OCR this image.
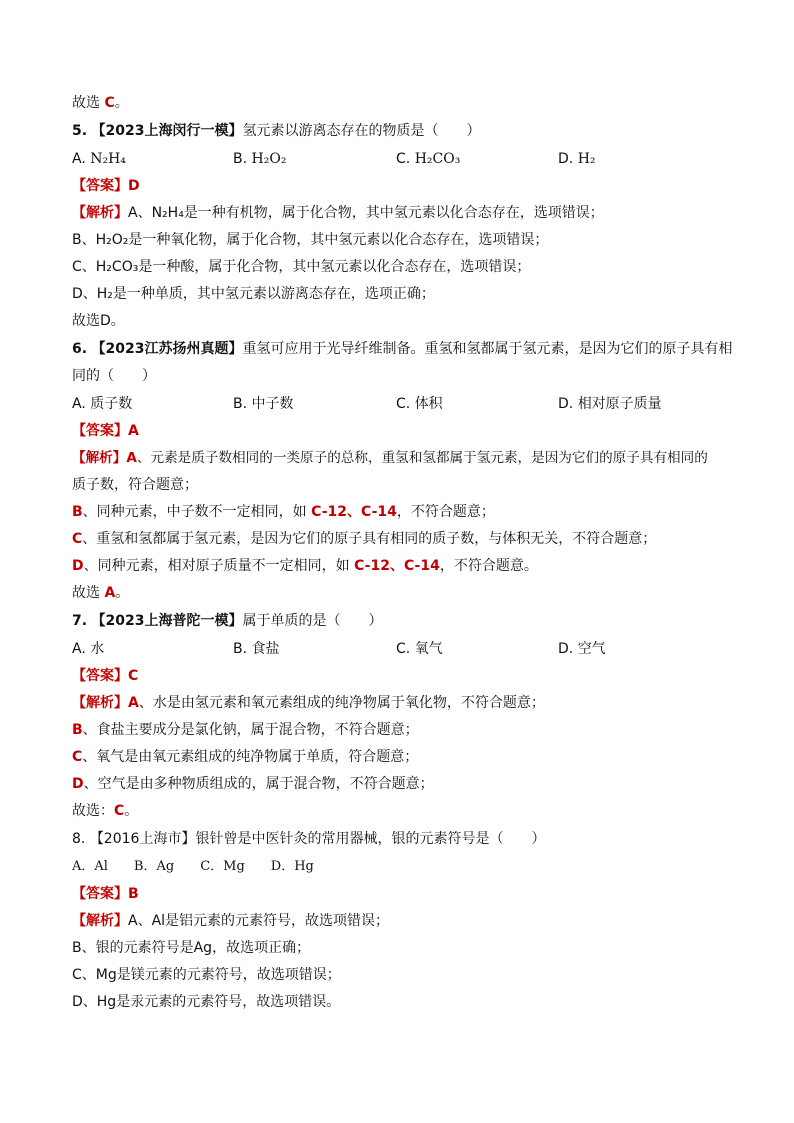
故选 C。
5. 【2023上海闵行一模】氢元素以游离态存在的物质是（　　）
A. N₂H₄	B. H₂O₂	C. H₂CO₃	D. H₂
【答案】D
【解析】A、N₂H₄是一种有机物，属于化合物，其中氢元素以化合态存在，选项错误；
B、H₂O₂是一种氧化物，属于化合物，其中氢元素以化合态存在，选项错误；
C、H₂CO₃是一种酸，属于化合物，其中氢元素以化合态存在，选项错误；
D、H₂是一种单质，其中氢元素以游离态存在，选项正确；
故选D。
6. 【2023江苏扬州真题】重氢可应用于光导纤维制备。重氢和氢都属于氢元素，是因为它们的原子具有相
同的（　　）
A. 质子数	B. 中子数	C. 体积	D. 相对原子质量
【答案】A
【解析】A、元素是质子数相同的一类原子的总称，重氢和氢都属于氢元素，是因为它们的原子具有相同的
质子数，符合题意；
B、同种元素，中子数不一定相同，如 C-12、C-14，不符合题意；
C、重氢和氢都属于氢元素，是因为它们的原子具有相同的质子数，与体积无关，不符合题意；
D、同种元素，相对原子质量不一定相同，如 C-12、C-14，不符合题意。
故选 A。
7. 【2023上海普陀一模】属于单质的是（　　）
A. 水	B. 食盐	C. 氧气	D. 空气
【答案】C
【解析】A、水是由氢元素和氧元素组成的纯净物属于氧化物，不符合题意；
B、食盐主要成分是氯化钠，属于混合物，不符合题意；
C、氧气是由氧元素组成的纯净物属于单质，符合题意；
D、空气是由多种物质组成的，属于混合物，不符合题意；
故选：C。
8. 【2016上海市】银针曾是中医针灸的常用器械，银的元素符号是（　　）
A．Al　　B．Ag　　C．Mg　　D．Hg
【答案】B
【解析】A、Al是铝元素的元素符号，故选项错误；
B、银的元素符号是Ag，故选项正确；
C、Mg是镁元素的元素符号，故选项错误；
D、Hg是汞元素的元素符号，故选项错误。
